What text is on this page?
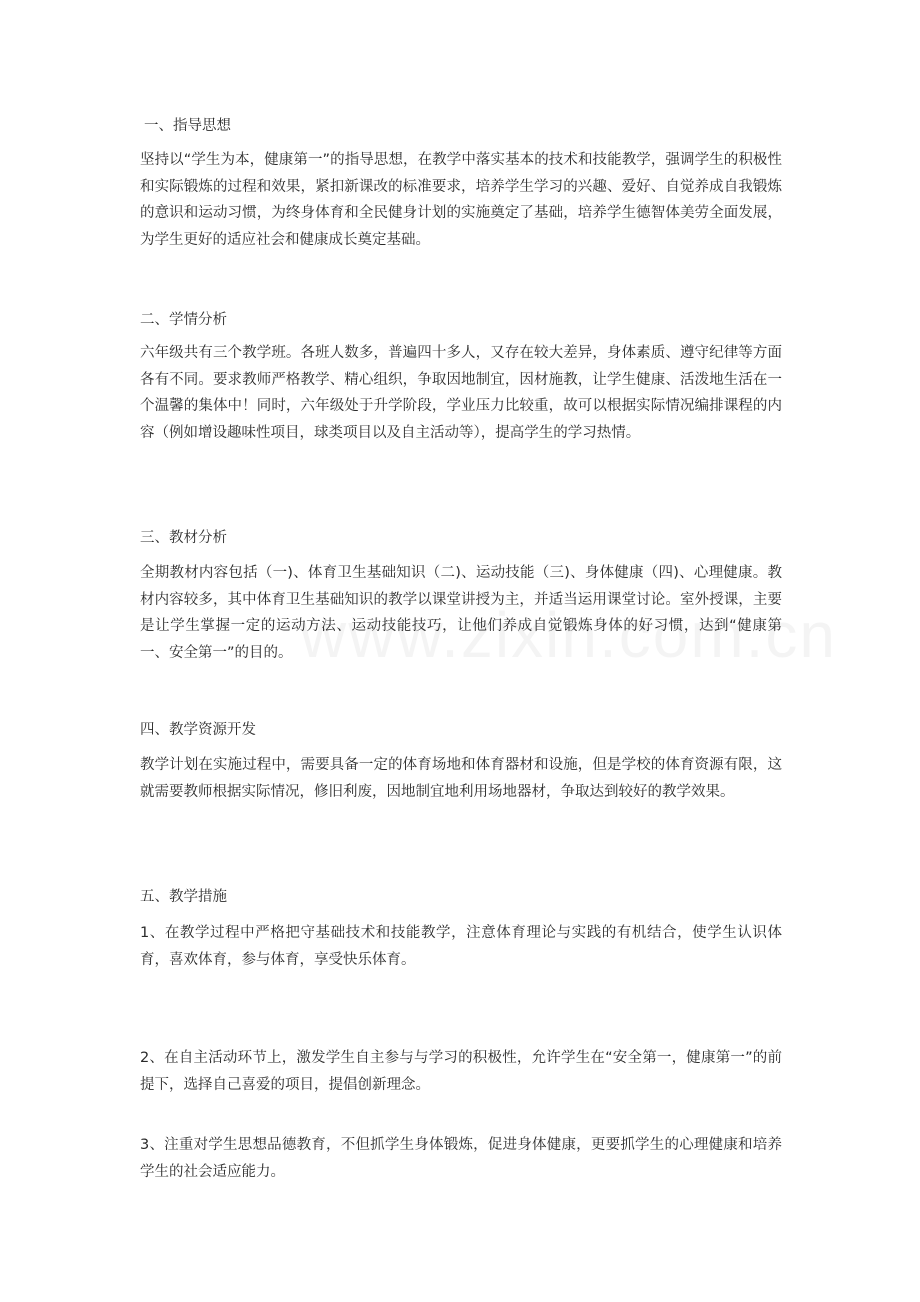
一、指导思想
坚持以“学生为本，健康第一”的指导思想，在教学中落实基本的技术和技能教学，强调学生的积极性和实际锻炼的过程和效果，紧扣新课改的标准要求，培养学生学习的兴趣、爱好、自觉养成自我锻炼的意识和运动习惯，为终身体育和全民健身计划的实施奠定了基础，培养学生德智体美劳全面发展，为学生更好的适应社会和健康成长奠定基础。
二、学情分析
六年级共有三个教学班。各班人数多，普遍四十多人，又存在较大差异，身体素质、遵守纪律等方面各有不同。要求教师严格教学、精心组织，争取因地制宜，因材施教，让学生健康、活泼地生活在一个温馨的集体中！同时，六年级处于升学阶段，学业压力比较重，故可以根据实际情况编排课程的内容（例如增设趣味性项目，球类项目以及自主活动等），提高学生的学习热情。
三、教材分析
全期教材内容包括（一)、体育卫生基础知识（二)、运动技能（三)、身体健康（四)、心理健康。教材内容较多，其中体育卫生基础知识的教学以课堂讲授为主，并适当运用课堂讨论。室外授课，主要是让学生掌握一定的运动方法、运动技能技巧，让他们养成自觉锻炼身体的好习惯，达到“健康第一、安全第一”的目的。
四、教学资源开发
教学计划在实施过程中，需要具备一定的体育场地和体育器材和设施，但是学校的体育资源有限，这就需要教师根据实际情况，修旧利废，因地制宜地利用场地器材，争取达到较好的教学效果。
五、教学措施
1、在教学过程中严格把守基础技术和技能教学，注意体育理论与实践的有机结合，使学生认识体育，喜欢体育，参与体育，享受快乐体育。
2、在自主活动环节上，激发学生自主参与与学习的积极性，允许学生在“安全第一，健康第一”的前提下，选择自己喜爱的项目，提倡创新理念。
3、注重对学生思想品德教育，不但抓学生身体锻炼，促进身体健康，更要抓学生的心理健康和培养学生的社会适应能力。
